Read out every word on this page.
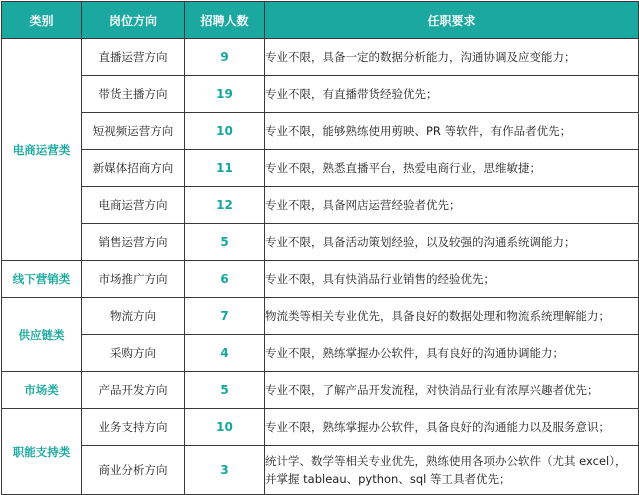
类别	岗位方向	招聘人数	任职要求
电商运营类	直播运营方向	9	专业不限，具备一定的数据分析能力，沟通协调及应变能力；
	带货主播方向	19	专业不限，有直播带货经验优先；
	短视频运营方向	10	专业不限，能够熟练使用剪映、PR 等软件，有作品者优先；
	新媒体招商方向	11	专业不限，熟悉直播平台，热爱电商行业，思维敏捷；
	电商运营方向	12	专业不限，具备网店运营经验者优先；
	销售运营方向	5	专业不限，具备活动策划经验，以及较强的沟通系统调能力；
线下营销类	市场推广方向	6	专业不限，具有快消品行业销售的经验优先；
供应链类	物流方向	7	物流类等相关专业优先，具备良好的数据处理和物流系统理解能力；
	采购方向	4	专业不限，熟练掌握办公软件，具有良好的沟通协调能力；
市场类	产品开发方向	5	专业不限，了解产品开发流程，对快消品行业有浓厚兴趣者优先；
职能支持类	业务支持方向	10	专业不限，熟练掌握办公软件，具备良好的沟通能力以及服务意识；
	商业分析方向	3	统计学、数学等相关专业优先，熟练使用各项办公软件（尤其 excel），
并掌握 tableau、python、sql 等工具者优先；
